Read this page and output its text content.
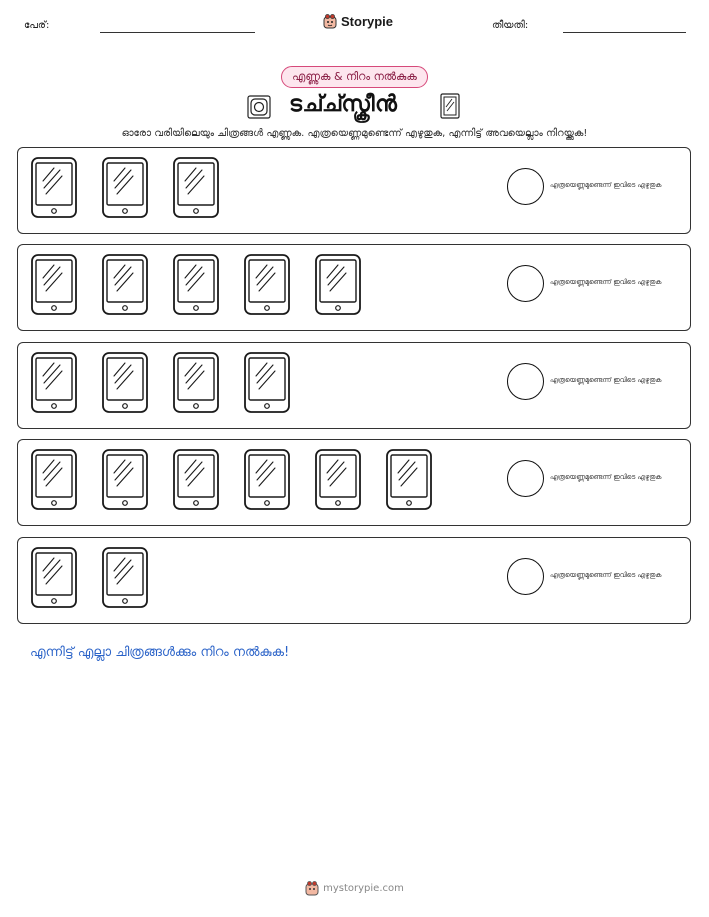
പേര്:	Storypie	തീയതി:
എണ്ണുക & നിറം നൽകുക
ടച്ച്സ്ക്രീൻ
ഓരോ വരിയിലെയും ചിത്രങ്ങൾ എണ്ണുക. എത്രയെണ്ണമുണ്ടെന്ന് എഴുതുക, എന്നിട്ട് അവയെല്ലാം നിറയ്ക്കുക!
എത്രയെണ്ണമുണ്ടെന്ന് ഇവിടെ എഴുതുക
എത്രയെണ്ണമുണ്ടെന്ന് ഇവിടെ എഴുതുക
എത്രയെണ്ണമുണ്ടെന്ന് ഇവിടെ എഴുതുക
എത്രയെണ്ണമുണ്ടെന്ന് ഇവിടെ എഴുതുക
എത്രയെണ്ണമുണ്ടെന്ന് ഇവിടെ എഴുതുക
എന്നിട്ട് എല്ലാ ചിത്രങ്ങൾക്കും നിറം നൽകുക!
mystorypie.com
